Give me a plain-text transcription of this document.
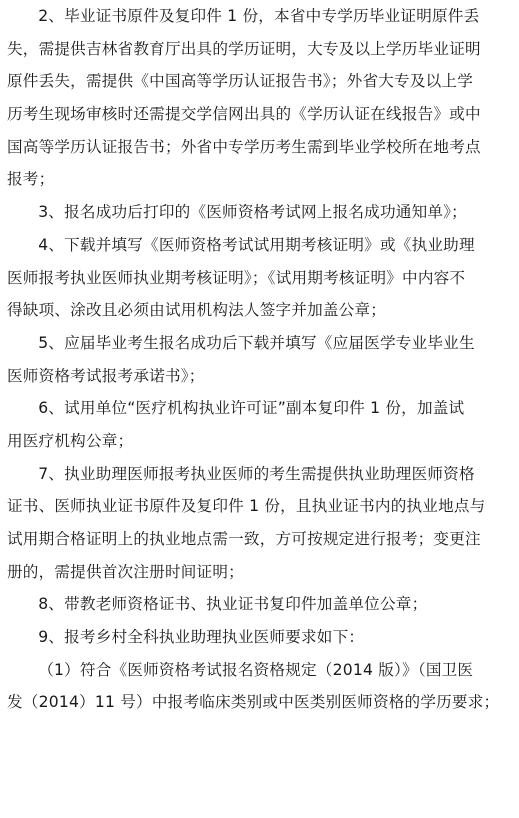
2、毕业证书原件及复印件 1 份，本省中专学历毕业证明原件丢
失，需提供吉林省教育厅出具的学历证明，大专及以上学历毕业证明
原件丢失，需提供《中国高等学历认证报告书》；外省大专及以上学
历考生现场审核时还需提交学信网出具的《学历认证在线报告》或中
国高等学历认证报告书；外省中专学历考生需到毕业学校所在地考点
报考；
3、报名成功后打印的《医师资格考试网上报名成功通知单》；
4、下载并填写《医师资格考试试用期考核证明》或《执业助理
医师报考执业医师执业期考核证明》；《试用期考核证明》中内容不
得缺项、涂改且必须由试用机构法人签字并加盖公章；
5、应届毕业考生报名成功后下载并填写《应届医学专业毕业生
医师资格考试报考承诺书》；
6、试用单位“医疗机构执业许可证”副本复印件 1 份，加盖试
用医疗机构公章；
7、执业助理医师报考执业医师的考生需提供执业助理医师资格
证书、医师执业证书原件及复印件 1 份，且执业证书内的执业地点与
试用期合格证明上的执业地点需一致，方可按规定进行报考；变更注
册的，需提供首次注册时间证明；
8、带教老师资格证书、执业证书复印件加盖单位公章；
9、报考乡村全科执业助理执业医师要求如下：
（1）符合《医师资格考试报名资格规定（2014 版）》（国卫医
发（2014）11 号）中报考临床类别或中医类别医师资格的学历要求；
